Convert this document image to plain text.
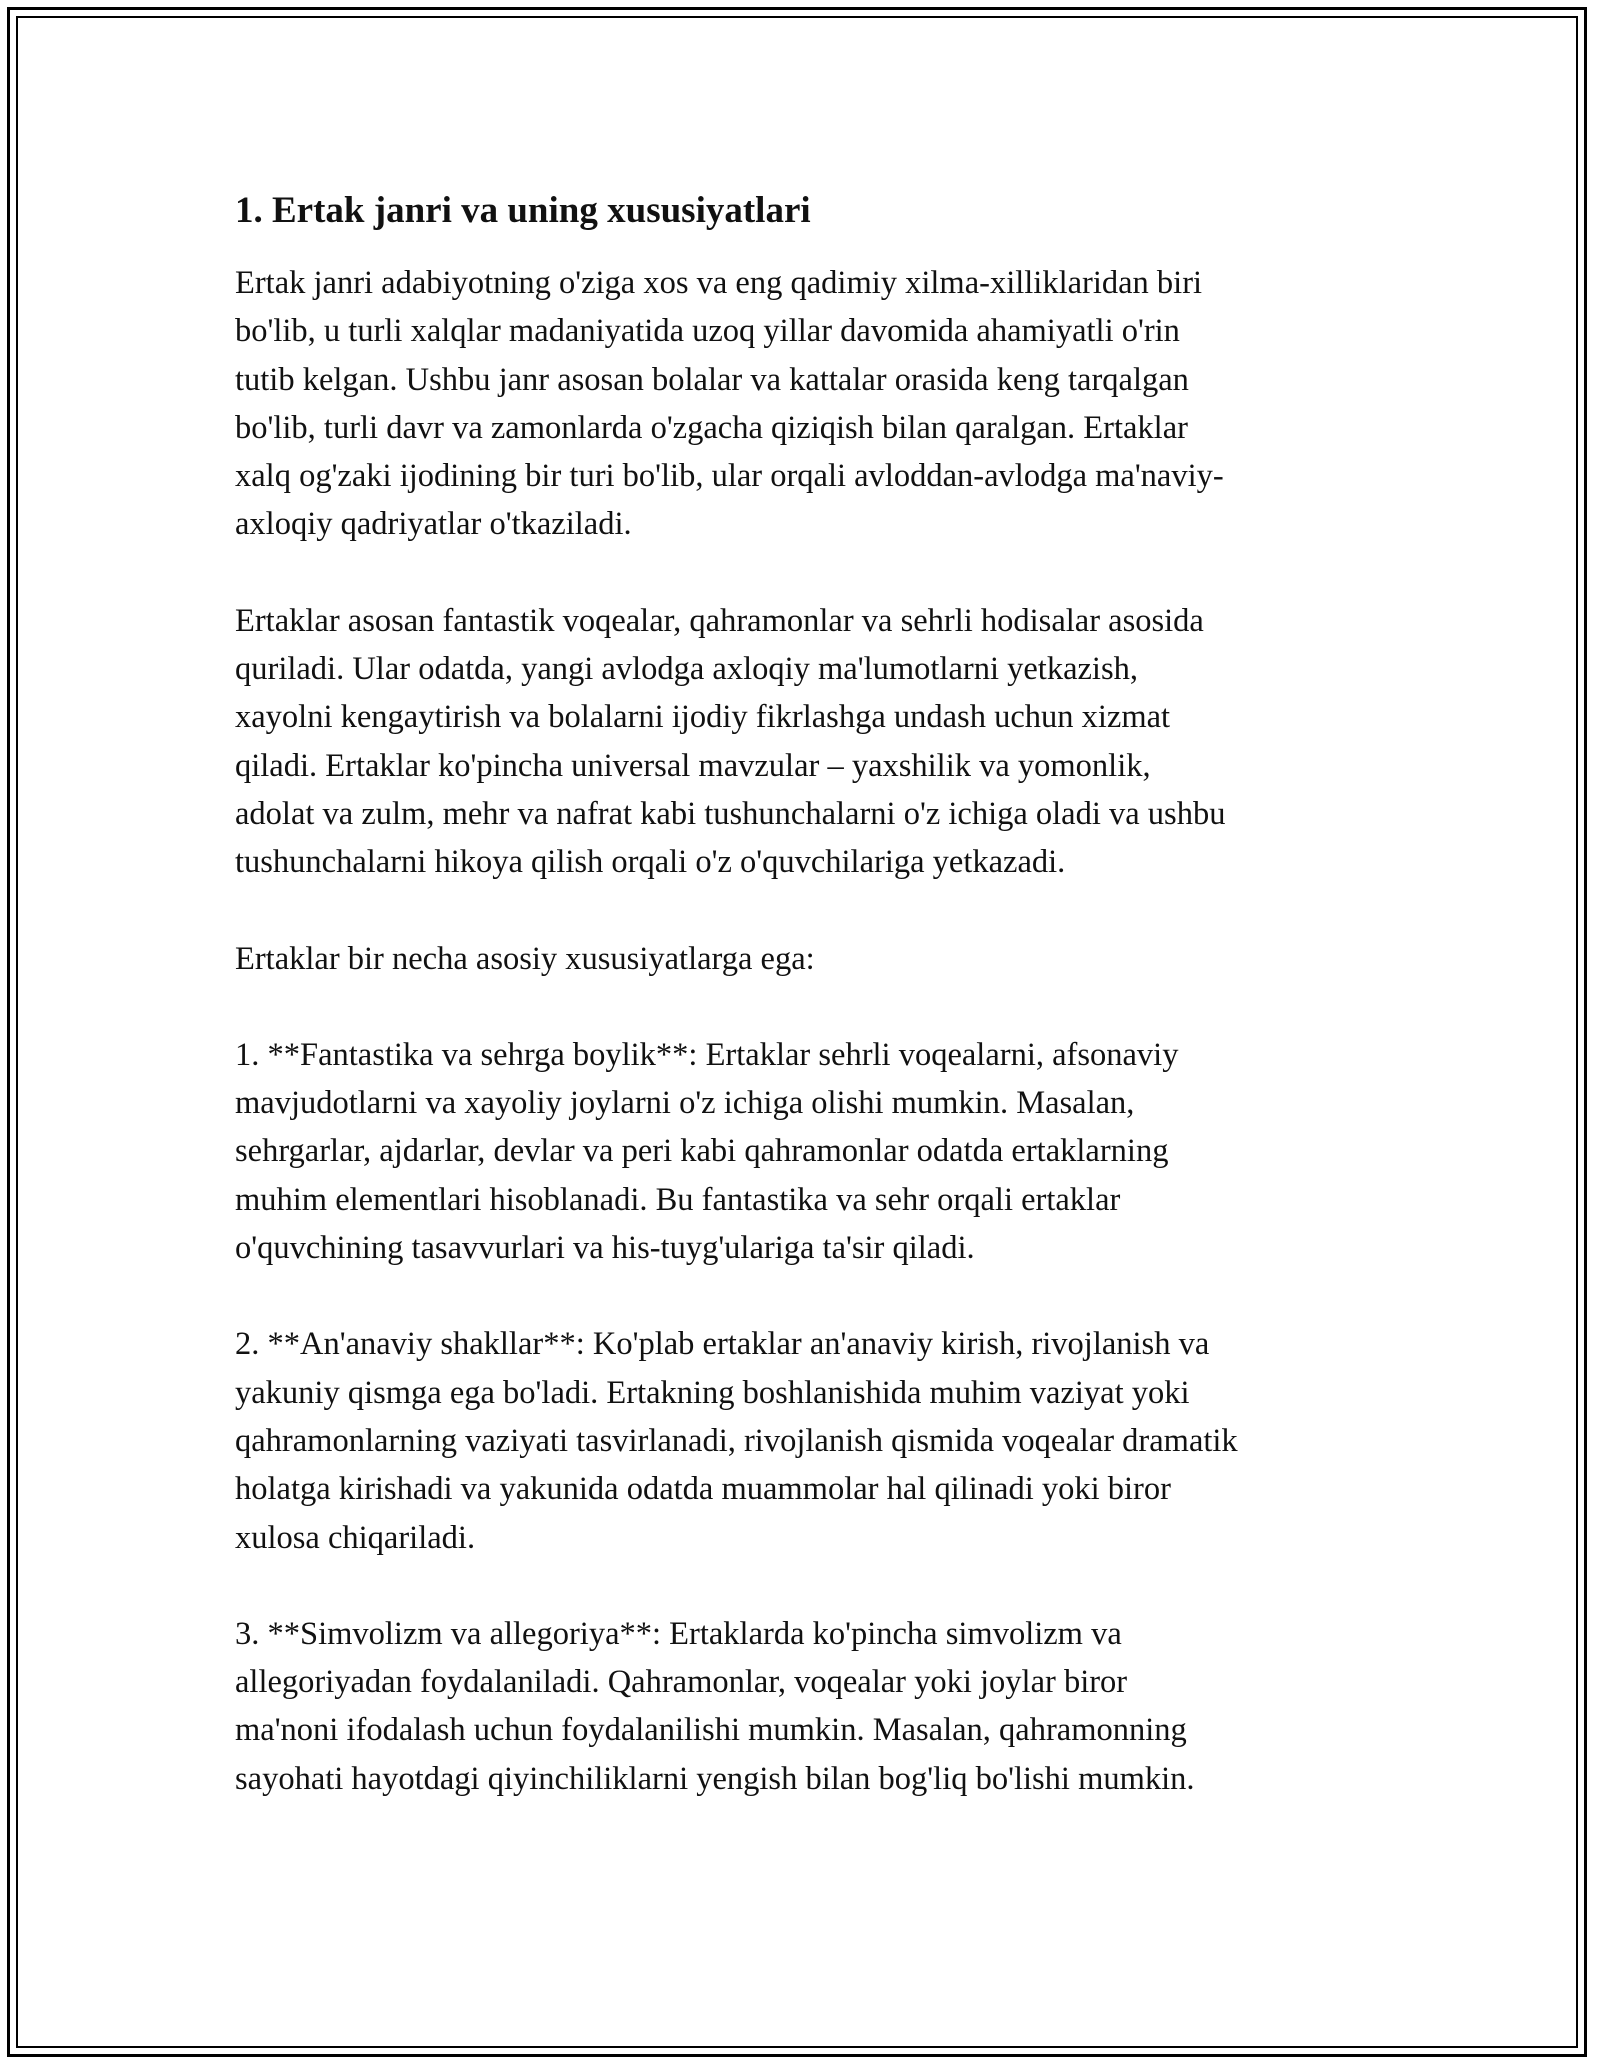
1. Ertak janri va uning xususiyatlari
Ertak janri adabiyotning o'ziga xos va eng qadimiy xilma-xilliklaridan biri
bo'lib, u turli xalqlar madaniyatida uzoq yillar davomida ahamiyatli o'rin
tutib kelgan. Ushbu janr asosan bolalar va kattalar orasida keng tarqalgan
bo'lib, turli davr va zamonlarda o'zgacha qiziqish bilan qaralgan. Ertaklar
xalq og'zaki ijodining bir turi bo'lib, ular orqali avloddan-avlodga ma'naviy-
axloqiy qadriyatlar o'tkaziladi.
Ertaklar asosan fantastik voqealar, qahramonlar va sehrli hodisalar asosida
quriladi. Ular odatda, yangi avlodga axloqiy ma'lumotlarni yetkazish,
xayolni kengaytirish va bolalarni ijodiy fikrlashga undash uchun xizmat
qiladi. Ertaklar ko'pincha universal mavzular – yaxshilik va yomonlik,
adolat va zulm, mehr va nafrat kabi tushunchalarni o'z ichiga oladi va ushbu
tushunchalarni hikoya qilish orqali o'z o'quvchilariga yetkazadi.
Ertaklar bir necha asosiy xususiyatlarga ega:
1. **Fantastika va sehrga boylik**: Ertaklar sehrli voqealarni, afsonaviy
mavjudotlarni va xayoliy joylarni o'z ichiga olishi mumkin. Masalan,
sehrgarlar, ajdarlar, devlar va peri kabi qahramonlar odatda ertaklarning
muhim elementlari hisoblanadi. Bu fantastika va sehr orqali ertaklar
o'quvchining tasavvurlari va his-tuyg'ulariga ta'sir qiladi.
2. **An'anaviy shakllar**: Ko'plab ertaklar an'anaviy kirish, rivojlanish va
yakuniy qismga ega bo'ladi. Ertakning boshlanishida muhim vaziyat yoki
qahramonlarning vaziyati tasvirlanadi, rivojlanish qismida voqealar dramatik
holatga kirishadi va yakunida odatda muammolar hal qilinadi yoki biror
xulosa chiqariladi.
3. **Simvolizm va allegoriya**: Ertaklarda ko'pincha simvolizm va
allegoriyadan foydalaniladi. Qahramonlar, voqealar yoki joylar biror
ma'noni ifodalash uchun foydalanilishi mumkin. Masalan, qahramonning
sayohati hayotdagi qiyinchiliklarni yengish bilan bog'liq bo'lishi mumkin.
